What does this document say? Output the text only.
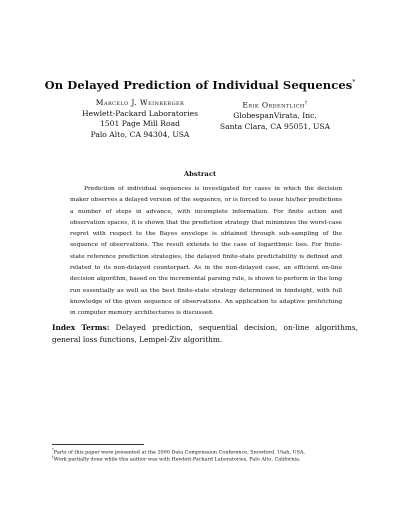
On Delayed Prediction of Individual Sequences*
Marcelo J. Weinberger
Hewlett-Packard Laboratories
1501 Page Mill Road
Palo Alto, CA 94304, USA
Erik Ordentlich†
GlobespanVirata, Inc.
Santa Clara, CA 95051, USA
Abstract
Prediction of individual sequences is investigated for cases in which the decision maker observes a delayed version of the sequence, or is forced to issue his/her predictions a number of steps in advance, with incomplete information. For finite action and observation spaces, it is shown that the prediction strategy that minimizes the worst-case regret with respect to the Bayes envelope is obtained through sub-sampling of the sequence of observations. The result extends to the case of logarithmic loss. For finite-state reference prediction strategies, the delayed finite-state predictability is defined and related to its non-delayed counterpart. As in the non-delayed case, an efficient on-line decision algorithm, based on the incremental parsing rule, is shown to perform in the long run essentially as well as the best finite-state strategy determined in hindsight, with full knowledge of the given sequence of observations. An application to adaptive prefetching in computer memory architectures is discussed.
Index Terms: Delayed prediction, sequential decision, on-line algorithms, general loss functions, Lempel-Ziv algorithm.
*Parts of this paper were presented at the 2000 Data Compression Conference, Snowbird, Utah, USA.
†Work partially done while this author was with Hewlett-Packard Laboratories, Palo Alto, California.
